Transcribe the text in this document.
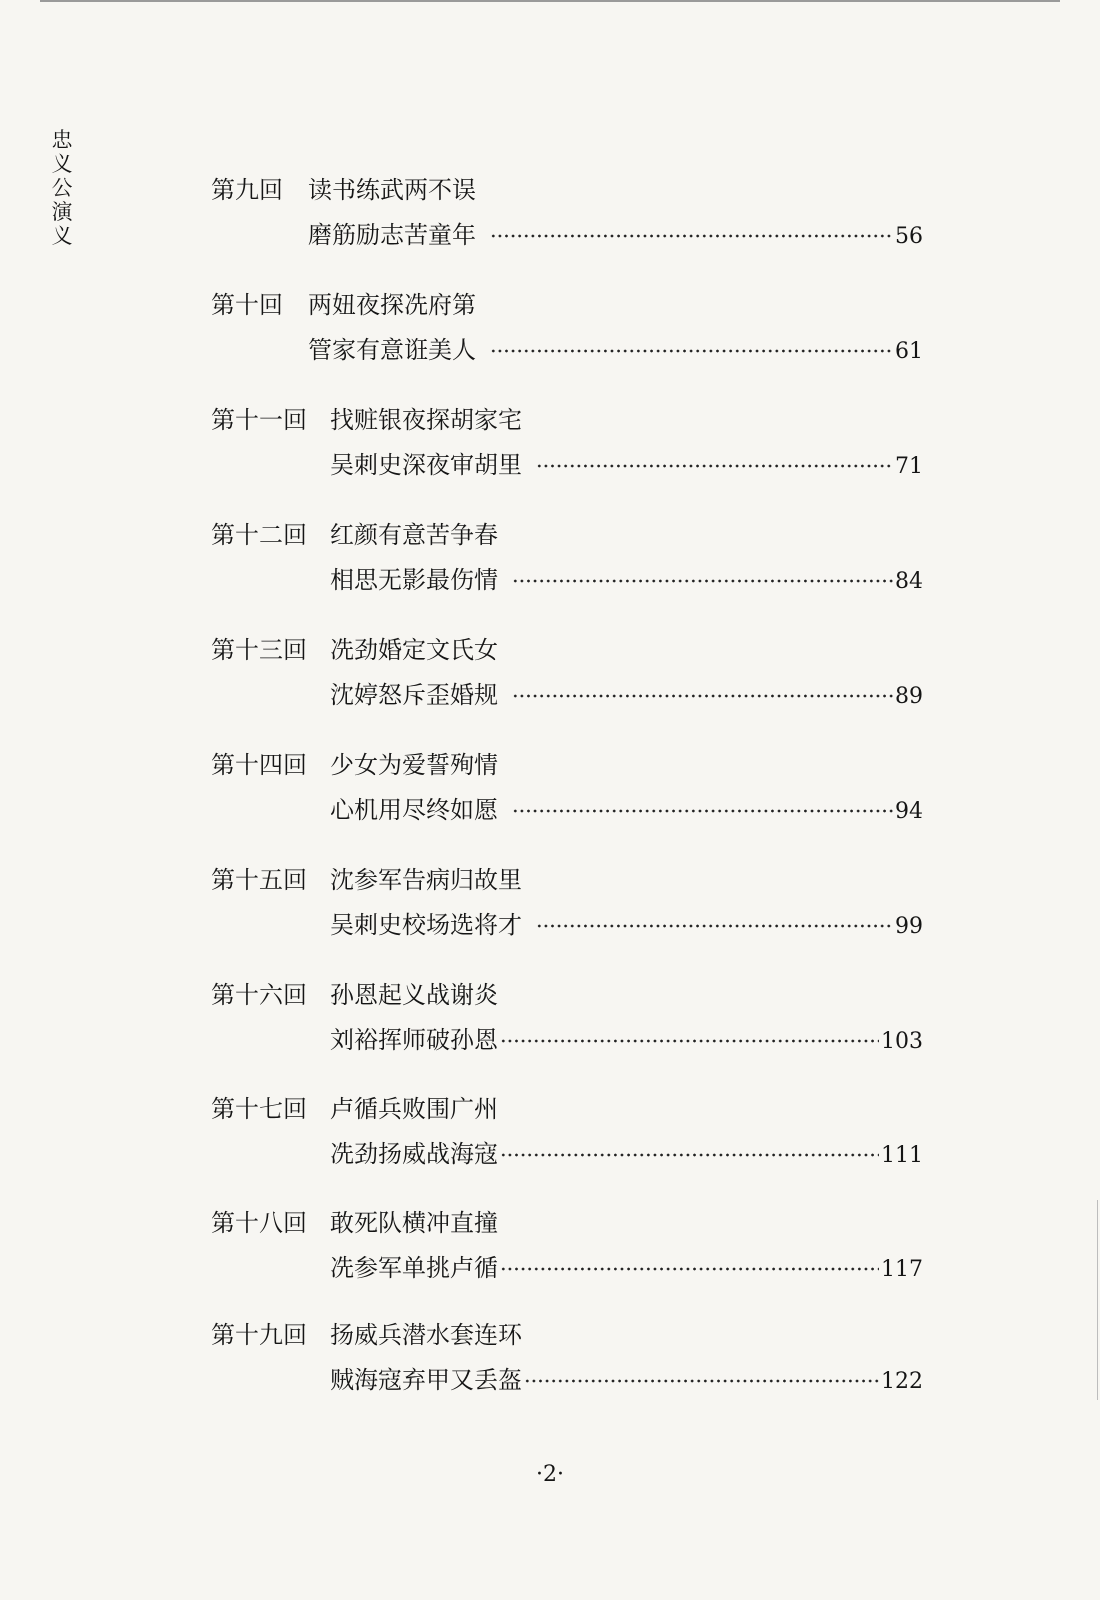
忠义公演义
第九回 读书练武两不误
磨筋励志苦童年	56
第十回 两妞夜探冼府第
管家有意诳美人	61
第十一回 找赃银夜探胡家宅
吴刺史深夜审胡里	71
第十二回 红颜有意苦争春
相思无影最伤情	84
第十三回 冼劲婚定文氏女
沈婷怒斥歪婚规	89
第十四回 少女为爱誓殉情
心机用尽终如愿	94
第十五回 沈参军告病归故里
吴刺史校场选将才	99
第十六回 孙恩起义战谢炎
刘裕挥师破孙恩	103
第十七回 卢循兵败围广州
冼劲扬威战海寇	111
第十八回 敢死队横冲直撞
冼参军单挑卢循	117
第十九回 扬威兵潜水套连环
贼海寇弃甲又丢盔	122
·2·
